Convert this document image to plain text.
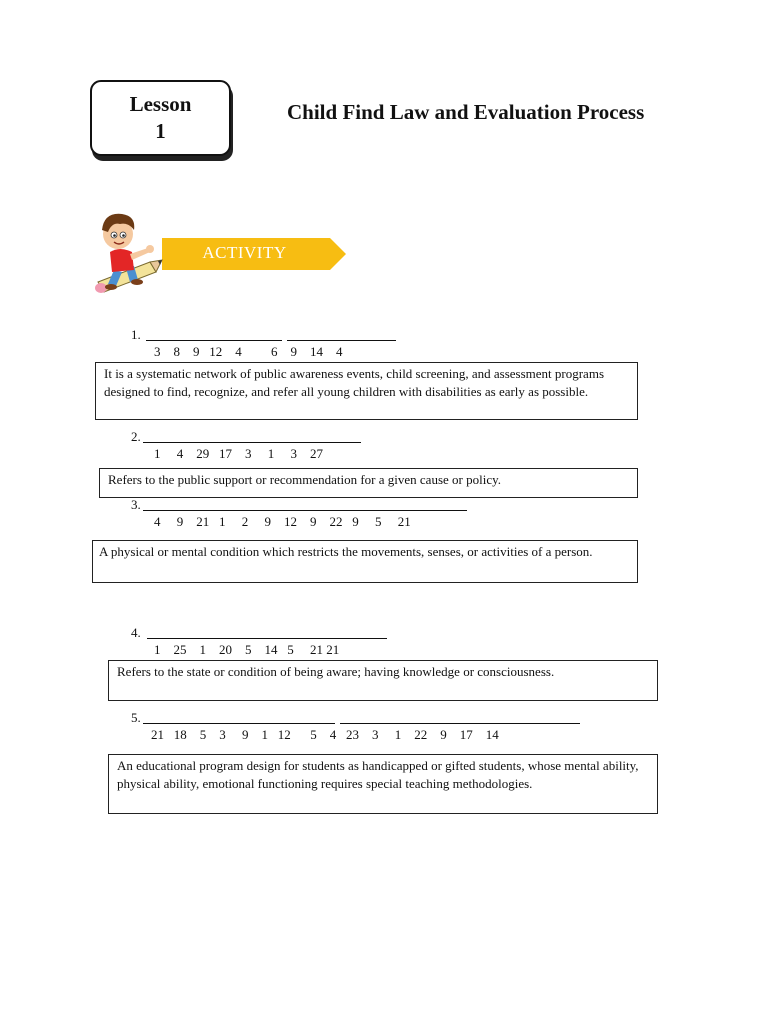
Lesson
1
Child Find Law and Evaluation Process
ACTIVITY
1.
3    8    9   12    4         6    9    14    4
It is a systematic network of public awareness events, child screening, and assessment programs designed to find, recognize, and refer all young children with disabilities as early as possible.
2.
1     4    29   17    3     1     3    27
Refers to the public support or recommendation for a given cause or policy.
3.
4     9    21   1     2     9    12    9    22   9     5     21
A physical or mental condition which restricts the movements, senses, or activities of a person.
4.
1    25    1    20    5    14   5     21 21
Refers to the state or condition of being aware; having knowledge or consciousness.
5.
21   18    5    3     9    1   12      5    4   23    3     1    22    9    17    14
An educational program design for students as handicapped or gifted students, whose mental ability, physical ability, emotional functioning requires special teaching methodologies.
